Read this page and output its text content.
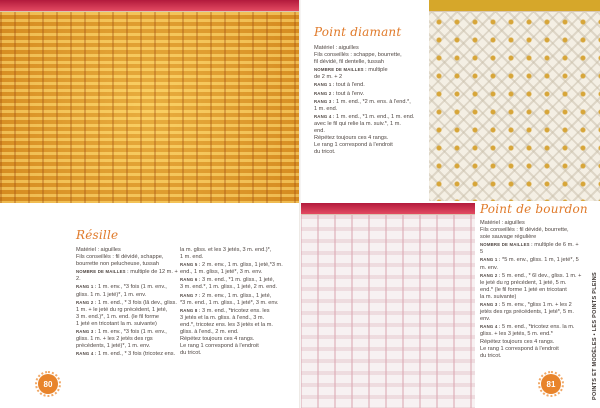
Résille

Matériel : aiguilles

Fils conseillés : fil dévidé, schappe,

bourrette non pelucheuse, tussah

NOMBRE DE MAILLES : multiple de 12 m. +

2.

RANG 1 : 1 m. env., *3 fois (1 m. env.,

gliss. 1 m. 1 jeté)*, 1 m. env.

RANG 2 : 1 m. end., * 3 fois (lâ dev., gliss.

1 m. + le jeté du rg précédent, 1 jeté,

3 m. end.)*, 1 m. end. (le fil forme

1 jeté en tricotant la m. suivante)

RANG 3 : 1 m. env., *3 fois (1 m. env.,

gliss. 1 m. + les 2 jetés des rgs

précédents, 1 jeté)*, 1 m. env.

RANG 4 : 1 m. end., * 3 fois (tricotez ens.

la m. gliss. et les 3 jetés, 3 m. end.)*,

1 m. end.

RANG 5 : 2 m. env., 1 m. gliss, 1 jeté,*3 m.

end., 1 m. gliss, 1 jeté*, 3 m. env.

RANG 6 : 3 m. end., *1 m. gliss., 1 jeté,

3 m. end.*, 1 m. gliss., 1 jeté, 2 m. end.

RANG 7 : 2 m. env., 1 m. gliss., 1 jeté,

*3 m. end., 1 m. gliss., 1 jeté*, 3 m. env.

RANG 8 : 3 m. end., *tricotez ens. les

3 jetés et la m. gliss. à l'end., 3 m.

end.*, tricotez ens. les 3 jetés et la m.

gliss. à l'end., 2 m. end.

Répétez toujours ces 4 rangs.

Le rang 1 correspond à l'endroit

du tricot.

Point diamant

Matériel : aiguilles

Fils conseillés : schappe, bourrette,

fil dévidé, fil dentelle, tussah

NOMBRE DE MAILLES : multiple

de 2 m. + 2

RANG 1 : tout à l'end.

RANG 2 : tout à l'env.

RANG 3 : 1 m. end., *2 m. ens. à l'end.*,

1 m. end.

RANG 4 : 1 m. end., *1 m. end., 1 m. end.

avec le fil qui relie la m. suiv.*, 1 m.

end.

Répétez toujours ces 4 rangs.

Le rang 1 correspond à l'endroit

du tricot.

Point de bourdon

Matériel : aiguilles

Fils conseillés : fil dévidé, bourrette,

soie sauvage régulière

NOMBRE DE MAILLES : multiple de 6 m. +

5

RANG 1 : *5 m. env., gliss. 1 m, 1 jeté*, 5

m. env.

RANG 2 : 5 m. end., * 6l dev., gliss. 1 m. +

le jeté du rg précédent, 1 jeté, 5 m.

end.* (le fil forme 1 jeté en tricotant

la m. suivante)

RANG 3 : 5 m. env., *gliss 1 m. + les 2

jetés des rgs précédents, 1 jeté*, 5 m.

env.

RANG 4 : 5 m. end., *tricotez ens. la m.

gliss. + les 3 jetés, 5 m. end.*

Répétez toujours ces 4 rangs.

Le rang 1 correspond à l'endroit

du tricot.

80	81	POINTS ET MODÈLES • LES POINTS PLEINS
